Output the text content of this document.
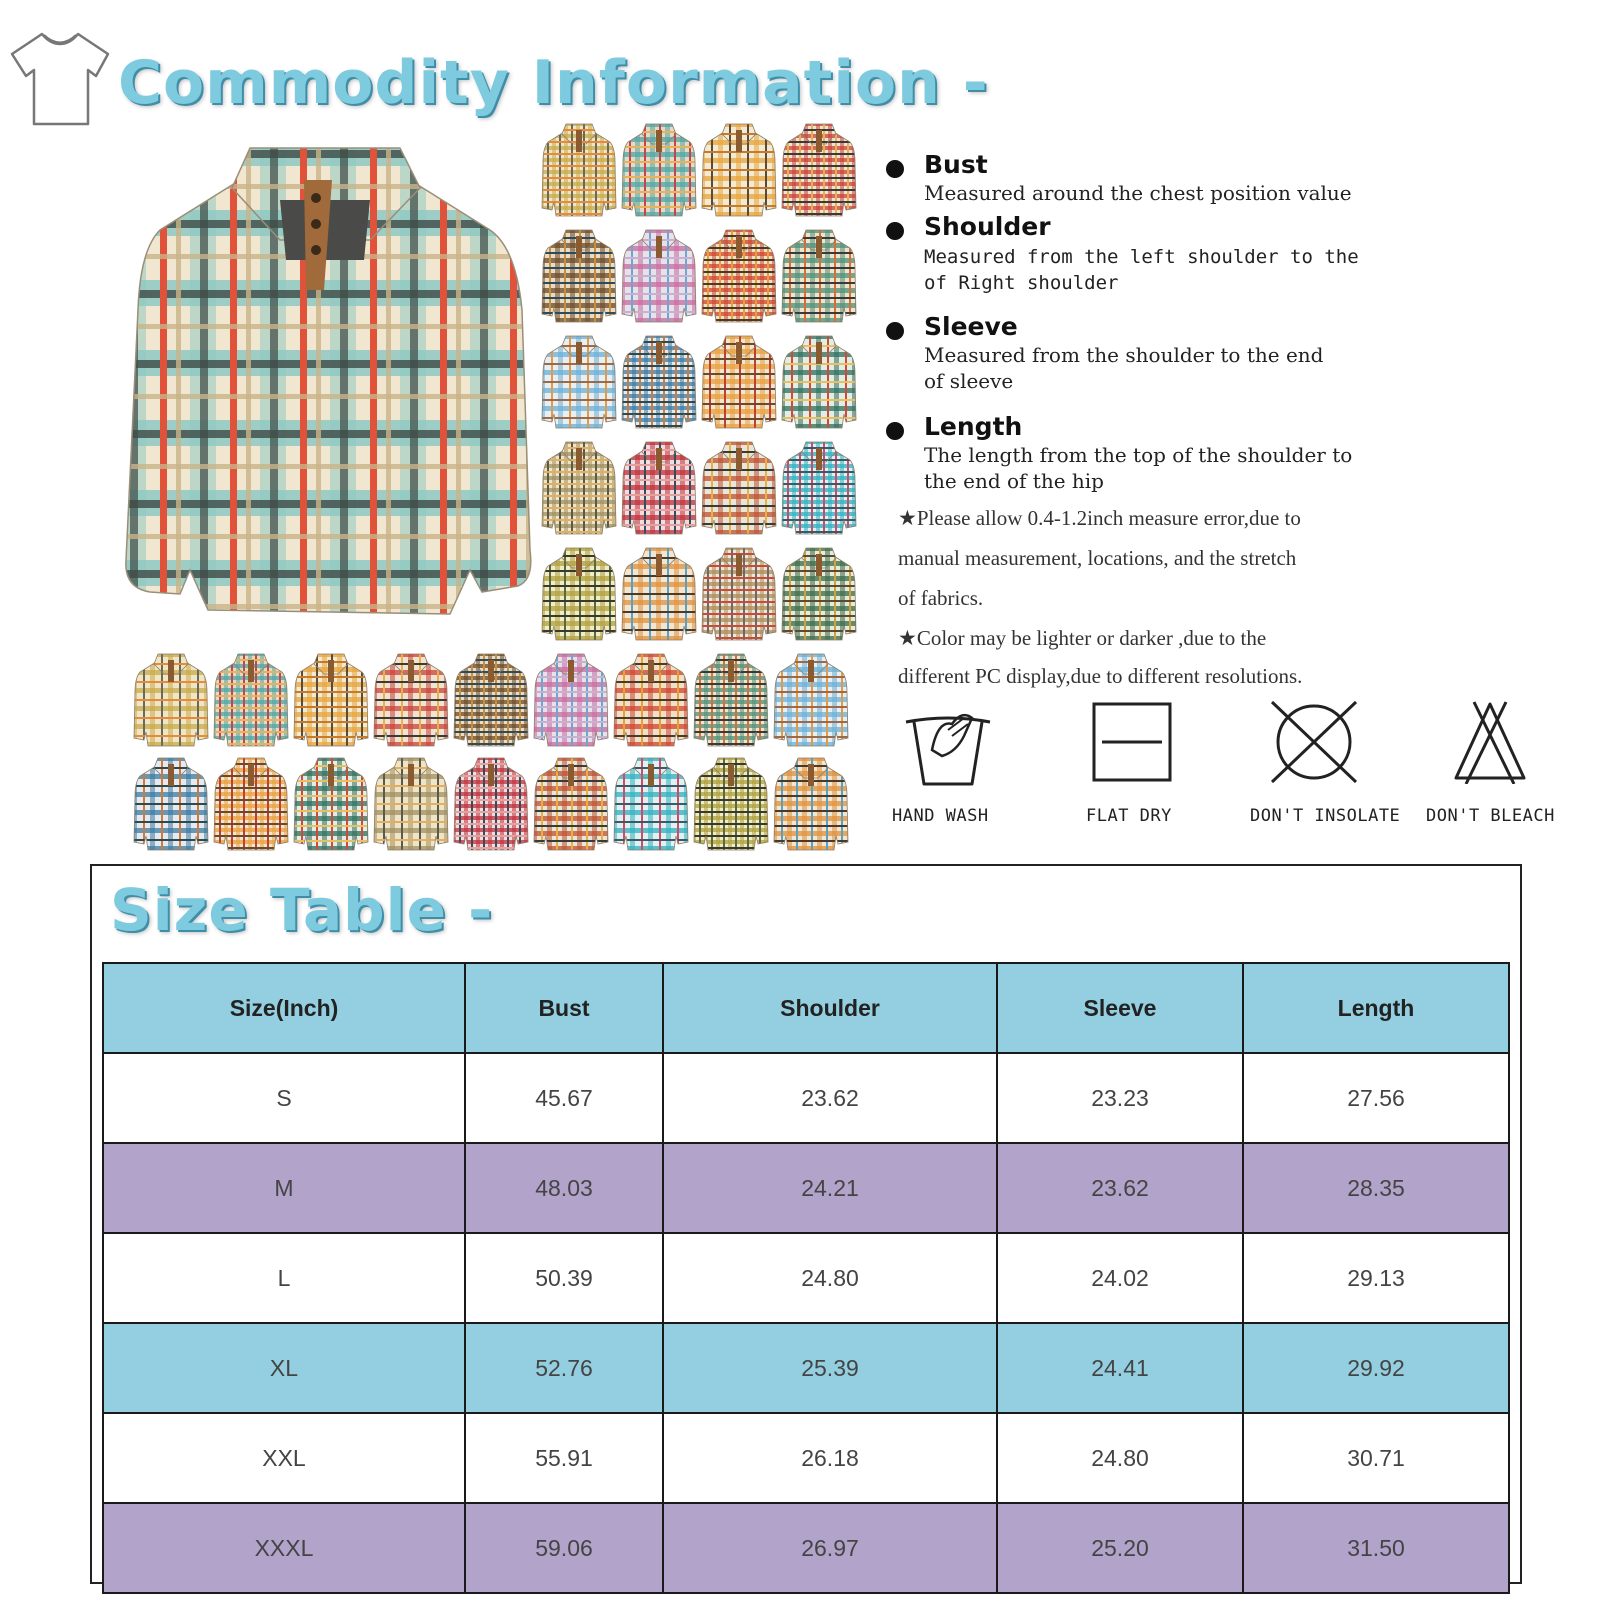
Commodity Information -
Bust
Measured around the chest position value
Shoulder
Measured from the left shoulder to the
of Right shoulder
Sleeve
Measured from the shoulder to the end
of sleeve
Length
The length from the top of the shoulder to
the end of the hip
★Please allow 0.4-1.2inch measure error,due to
manual measurement, locations, and the stretch
of fabrics.
★Color may be lighter or darker ,due to the
different PC display,due to different resolutions.
HAND WASH	FLAT DRY	DON'T INSOLATE DON'T BLEACH
Size Table -
Size(Inch)	Bust	Shoulder	Sleeve	Length
S	45.67	23.62	23.23	27.56
M	48.03	24.21	23.62	28.35
L	50.39	24.80	24.02	29.13
XL	52.76	25.39	24.41	29.92
XXL	55.91	26.18	24.80	30.71
XXXL	59.06	26.97	25.20	31.50
